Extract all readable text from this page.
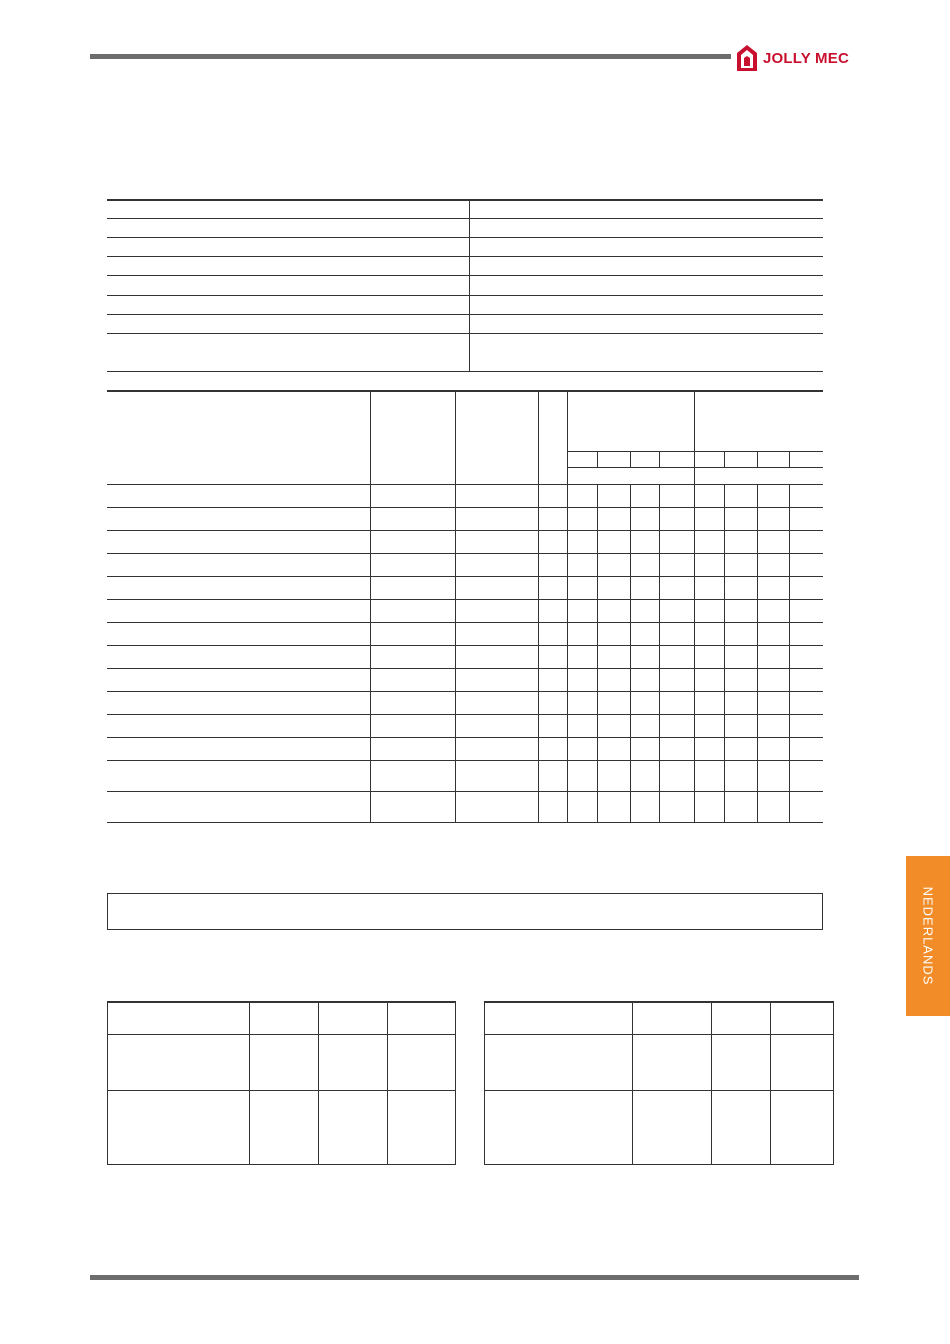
JOLLY MEC
NEDERLANDS
